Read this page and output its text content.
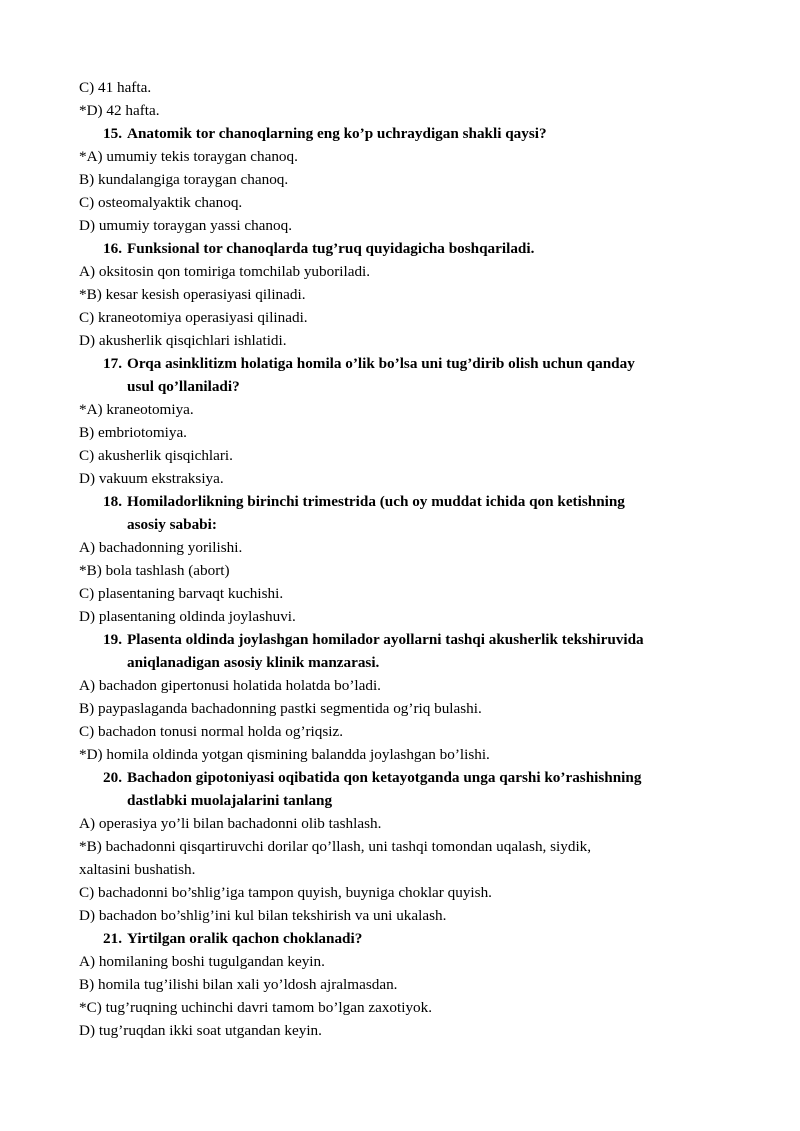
C) 41 hafta.
*D) 42 hafta.
15. Anatomik tor chanoqlarning eng ko’p uchraydigan shakli qaysi?
*A) umumiy tekis toraygan chanoq.
B) kundalangiga toraygan chanoq.
C) osteomalyaktik chanoq.
D) umumiy toraygan yassi chanoq.
16. Funksional tor chanoqlarda tug’ruq quyidagicha boshqariladi.
A) oksitosin qon tomiriga tomchilab yuboriladi.
*B) kesar kesish operasiyasi qilinadi.
C) kraneotomiya operasiyasi qilinadi.
D) akusherlik qisqichlari ishlatidi.
17. Orqa asinklitizm holatiga homila o’lik bo’lsa uni tug’dirib olish uchun qanday
usul qo’llaniladi?
*A) kraneotomiya.
B) embriotomiya.
C) akusherlik qisqichlari.
D) vakuum ekstraksiya.
18. Homiladorlikning birinchi trimestrida (uch oy muddat ichida qon ketishning
asosiy sababi:
A) bachadonning yorilishi.
*B) bola tashlash (abort)
C) plasentaning barvaqt kuchishi.
D) plasentaning oldinda joylashuvi.
19. Plasenta oldinda joylashgan homilador ayollarni tashqi akusherlik tekshiruvida
aniqlanadigan asosiy klinik manzarasi.
A) bachadon gipertonusi holatida holatda bo’ladi.
B) paypaslaganda bachadonning pastki segmentida og’riq bulashi.
C) bachadon tonusi normal holda og’riqsiz.
*D) homila oldinda yotgan qismining balandda joylashgan bo’lishi.
20. Bachadon gipotoniyasi oqibatida qon ketayotganda unga qarshi ko’rashishning
dastlabki muolajalarini tanlang
A) operasiya yo’li bilan bachadonni olib tashlash.
*B) bachadonni qisqartiruvchi dorilar qo’llash, uni tashqi tomondan uqalash, siydik,
xaltasini bushatish.
C) bachadonni bo’shlig’iga tampon quyish, buyniga choklar quyish.
D) bachadon bo’shlig’ini kul bilan tekshirish va uni ukalash.
21. Yirtilgan oralik qachon choklanadi?
A) homilaning boshi tugulgandan keyin.
B) homila tug’ilishi bilan xali yo’ldosh ajralmasdan.
*C) tug’ruqning uchinchi davri tamom bo’lgan zaxotiyok.
D) tug’ruqdan ikki soat utgandan keyin.
